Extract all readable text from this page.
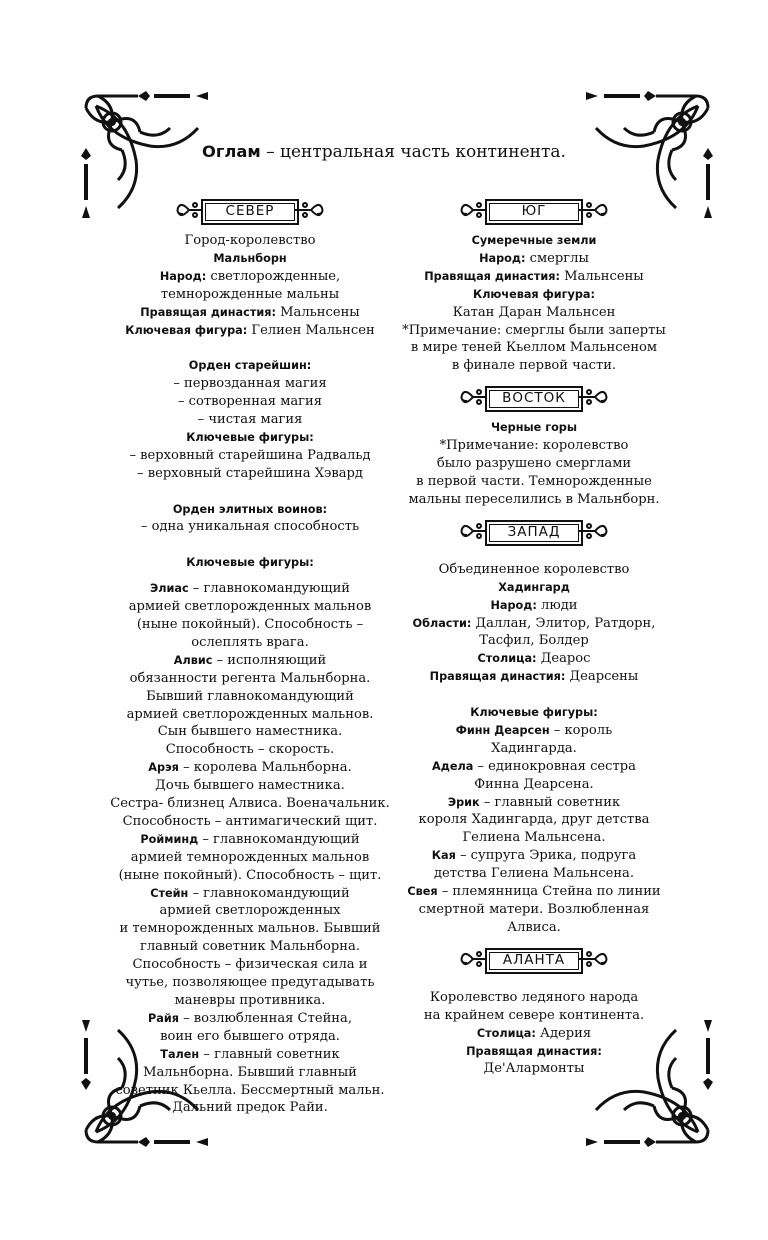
Оглам – центральная часть континента.
СЕВЕР
Город-королевство
Мальнборн
Народ: светлорожденные,
темнорожденные мальны
Правящая династия: Мальнсены
Ключевая фигура: Гелиен Мальнсен
Орден старейшин:
– первозданная магия
– сотворенная магия
– чистая магия
Ключевые фигуры:
– верховный старейшина Радвальд
– верховный старейшина Хэвард
Орден элитных воинов:
– одна уникальная способность
Ключевые фигуры:
Элиас – главнокомандующий
армией светлорожденных мальнов
(ныне покойный). Способность –
ослеплять врага.
Алвис – исполняющий
обязанности регента Мальнборна.
Бывший главнокомандующий
армией светлорожденных мальнов.
Сын бывшего наместника.
Способность – скорость.
Арэя – королева Мальнборна.
Дочь бывшего наместника.
Сестра- близнец Алвиса. Военачальник.
Способность – антимагический щит.
Ройминд – главнокомандующий
армией темнорожденных мальнов
(ныне покойный). Способность – щит.
Стейн – главнокомандующий
армией светлорожденных
и темнорожденных мальнов. Бывший
главный советник Мальнборна.
Способность – физическая сила и
чутье, позволяющее предугадывать
маневры противника.
Райя – возлюбленная Стейна,
воин его бывшего отряда.
Тален – главный советник
Мальнборна. Бывший главный
советник Кьелла. Бессмертный мальн.
Дальний предок Райи.
ЮГ
Сумеречные земли
Народ: смерглы
Правящая династия: Мальнсены
Ключевая фигура:
Катан Даран Мальнсен
*Примечание: смерглы были заперты
в мире теней Кьеллом Мальнсеном
в финале первой части.
ВОСТОК
Черные горы
*Примечание: королевство
было разрушено смерглами
в первой части. Темнорожденные
мальны переселились в Мальнборн.
ЗАПАД
Объединенное королевство
Хадингард
Народ: люди
Области: Даллан, Элитор, Ратдорн,
Тасфил, Болдер
Столица: Деарос
Правящая династия: Деарсены
Ключевые фигуры:
Финн Деарсен – король
Хадингарда.
Адела – единокровная сестра
Финна Деарсена.
Эрик – главный советник
короля Хадингарда, друг детства
Гелиена Мальнсена.
Кая – супруга Эрика, подруга
детства Гелиена Мальнсена.
Свея – племянница Стейна по линии
смертной матери. Возлюбленная
Алвиса.
АЛАНТА
Королевство ледяного народа
на крайнем севере континента.
Столица: Адерия
Правящая династия:
Де'Алармонты
